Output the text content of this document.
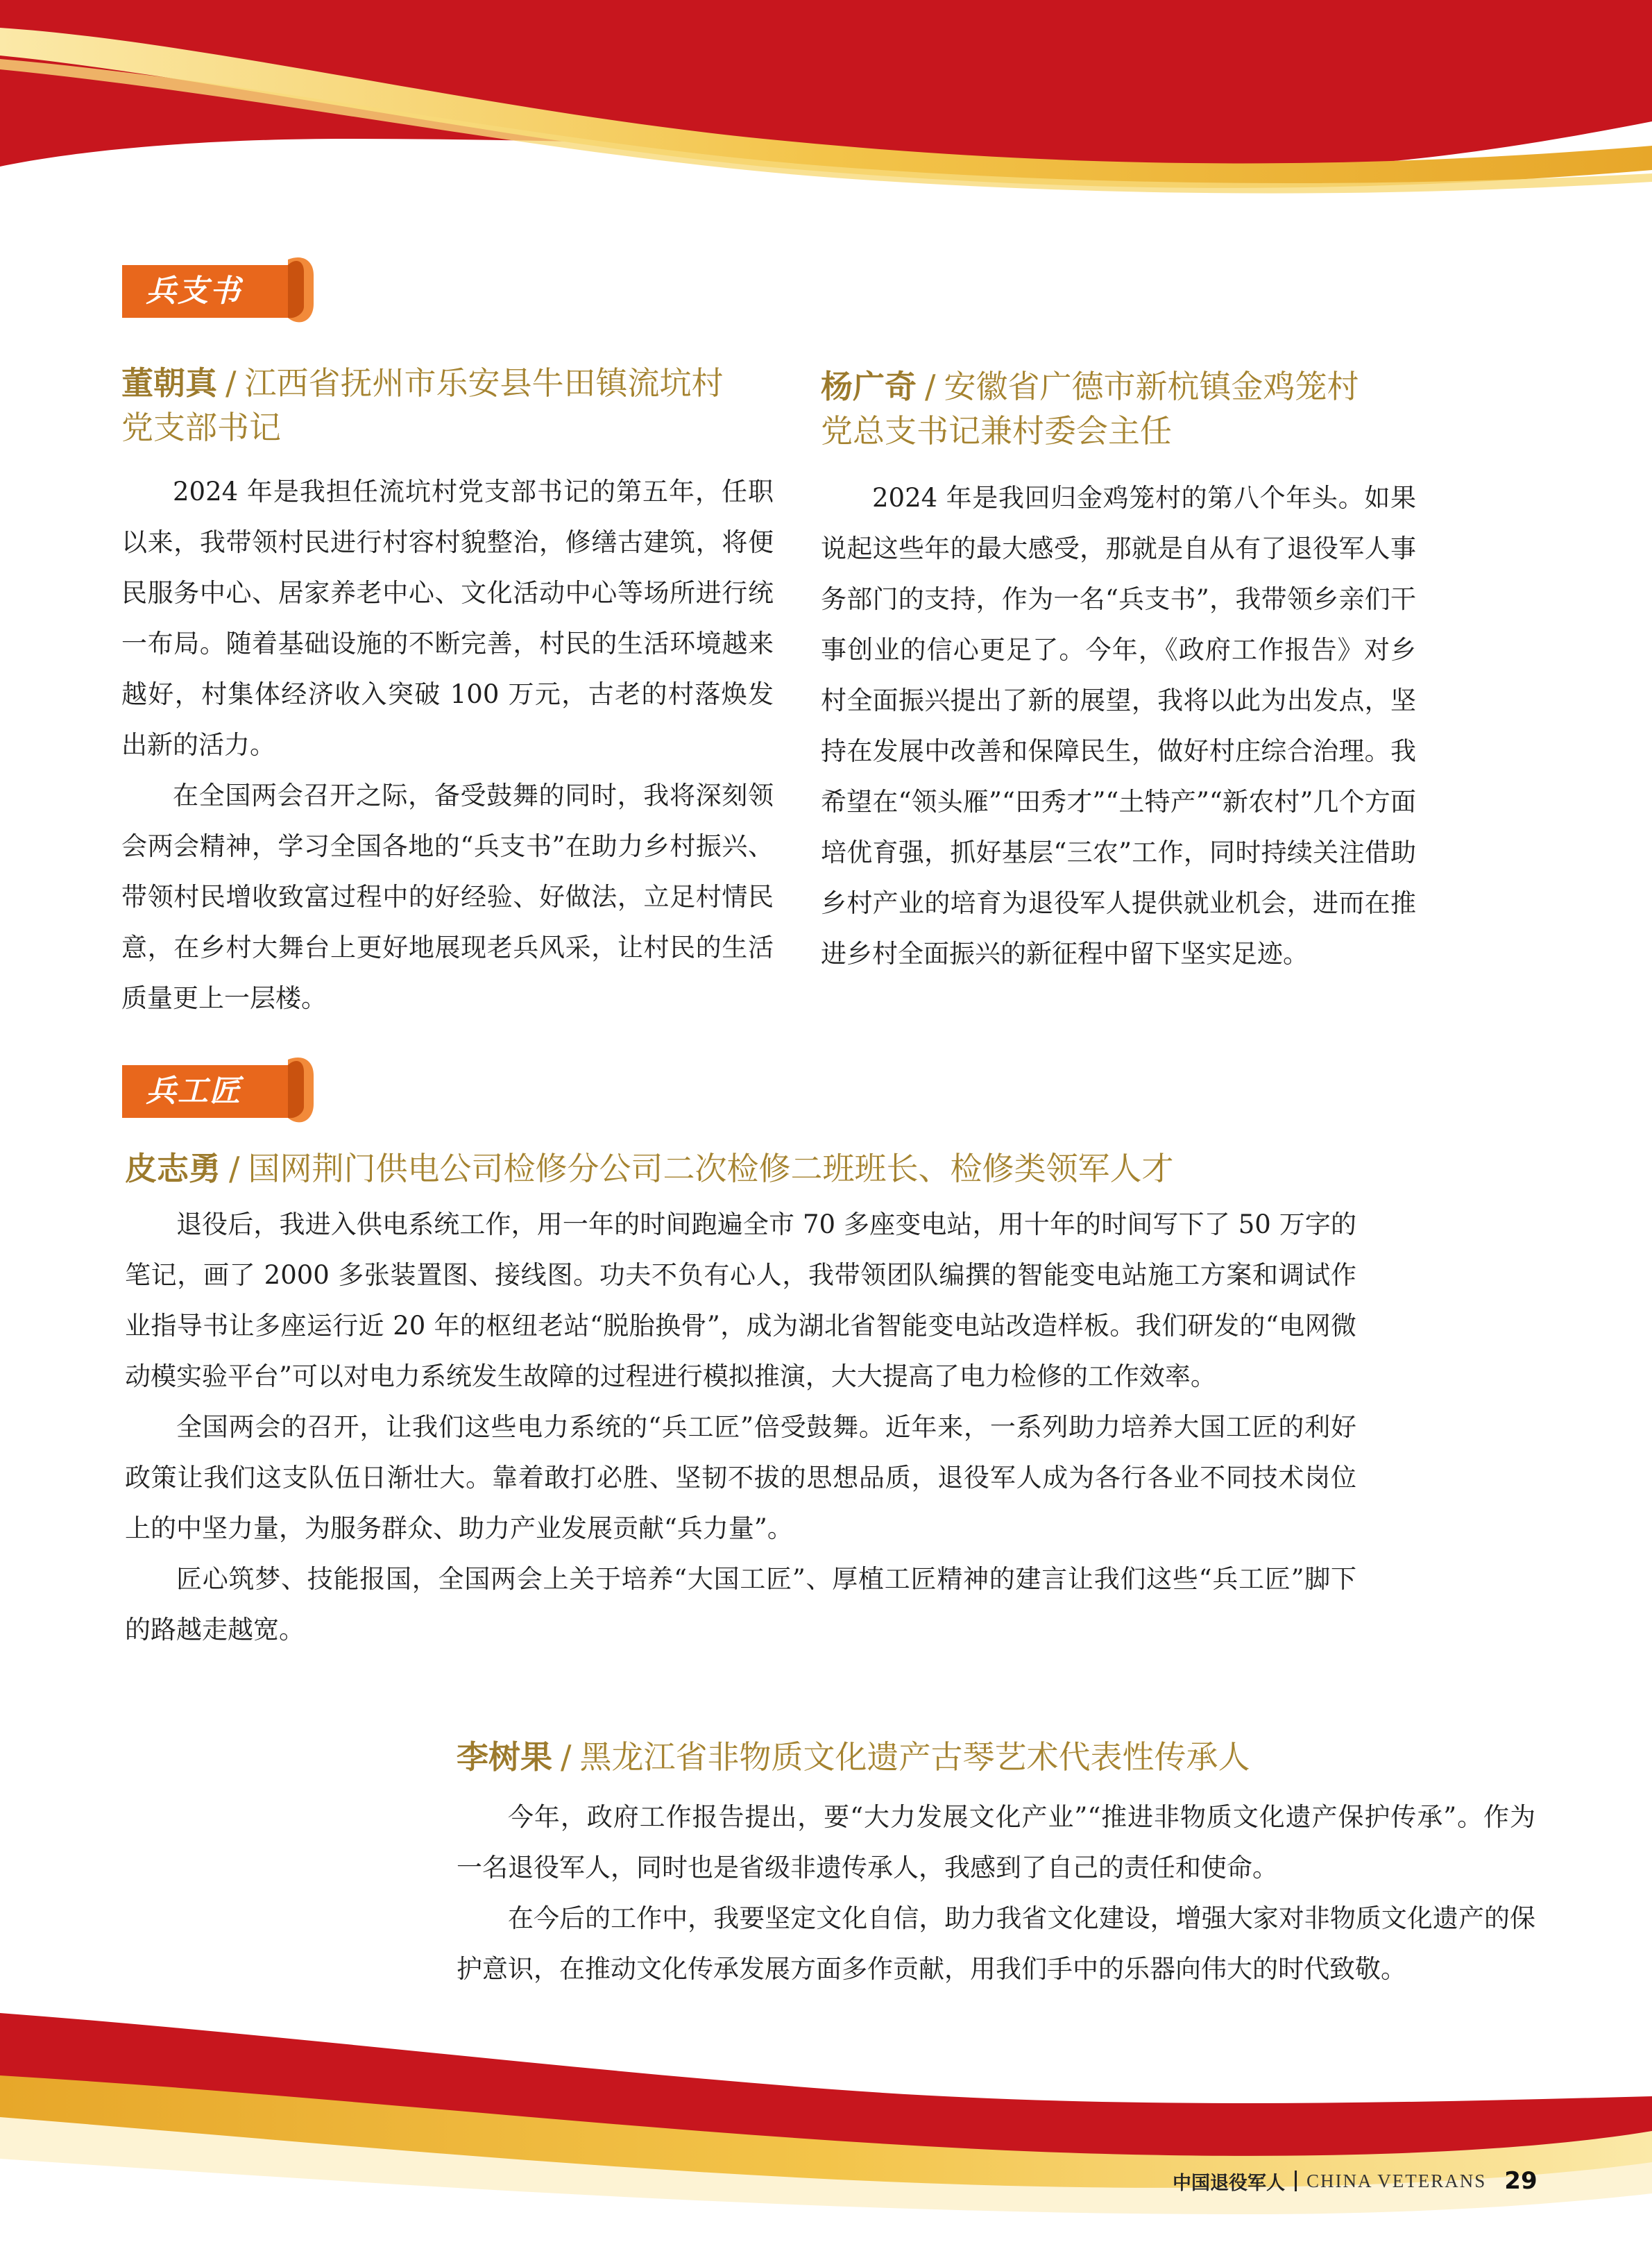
兵支书
董朝真 / 江西省抚州市乐安县牛田镇流坑村
党支部书记

2024 年是我担任流坑村党支部书记的第五年，任职以来，我带领村民进行村容村貌整治，修缮古建筑，将便民服务中心、居家养老中心、文化活动中心等场所进行统一布局。随着基础设施的不断完善，村民的生活环境越来越好，村集体经济收入突破 100 万元，古老的村落焕发出新的活力。

在全国两会召开之际，备受鼓舞的同时，我将深刻领会两会精神，学习全国各地的“兵支书”在助力乡村振兴、带领村民增收致富过程中的好经验、好做法，立足村情民意，在乡村大舞台上更好地展现老兵风采，让村民的生活质量更上一层楼。

杨广奇 / 安徽省广德市新杭镇金鸡笼村
党总支书记兼村委会主任

2024 年是我回归金鸡笼村的第八个年头。如果说起这些年的最大感受，那就是自从有了退役军人事务部门的支持，作为一名“兵支书”，我带领乡亲们干事创业的信心更足了。今年，《政府工作报告》对乡村全面振兴提出了新的展望，我将以此为出发点，坚持在发展中改善和保障民生，做好村庄综合治理。我希望在“领头雁”“田秀才”“土特产”“新农村”几个方面培优育强，抓好基层“三农”工作，同时持续关注借助乡村产业的培育为退役军人提供就业机会，进而在推进乡村全面振兴的新征程中留下坚实足迹。

兵工匠
皮志勇 / 国网荆门供电公司检修分公司二次检修二班班长、检修类领军人才

退役后，我进入供电系统工作，用一年的时间跑遍全市 70 多座变电站，用十年的时间写下了 50 万字的笔记，画了 2000 多张装置图、接线图。功夫不负有心人，我带领团队编撰的智能变电站施工方案和调试作业指导书让多座运行近 20 年的枢纽老站“脱胎换骨”，成为湖北省智能变电站改造样板。我们研发的“电网微动模实验平台”可以对电力系统发生故障的过程进行模拟推演，大大提高了电力检修的工作效率。

全国两会的召开，让我们这些电力系统的“兵工匠”倍受鼓舞。近年来，一系列助力培养大国工匠的利好政策让我们这支队伍日渐壮大。靠着敢打必胜、坚韧不拔的思想品质，退役军人成为各行各业不同技术岗位上的中坚力量，为服务群众、助力产业发展贡献“兵力量”。

匠心筑梦、技能报国，全国两会上关于培养“大国工匠”、厚植工匠精神的建言让我们这些“兵工匠”脚下的路越走越宽。

李树果 / 黑龙江省非物质文化遗产古琴艺术代表性传承人

今年，政府工作报告提出，要“大力发展文化产业”“推进非物质文化遗产保护传承”。作为一名退役军人，同时也是省级非遗传承人，我感到了自己的责任和使命。

在今后的工作中，我要坚定文化自信，助力我省文化建设，增强大家对非物质文化遗产的保护意识，在推动文化传承发展方面多作贡献，用我们手中的乐器向伟大的时代致敬。

中国退役军人 CHINA VETERANS 29
